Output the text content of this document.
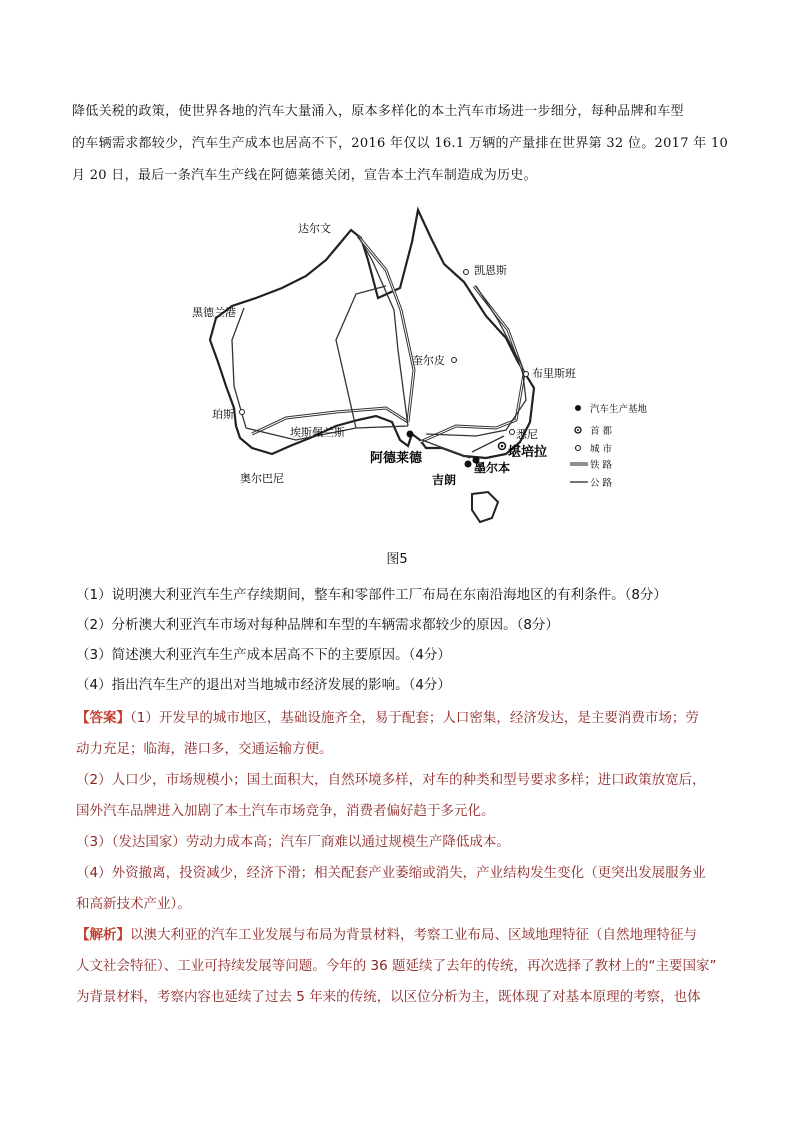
降低关税的政策，使世界各地的汽车大量涌入，原本多样化的本土汽车市场进一步细分，每种品牌和车型

的车辆需求都较少，汽车生产成本也居高不下，2016 年仅以 16.1 万辆的产量排在世界第 32 位。2017 年 10

月 20 日，最后一条汽车生产线在阿德莱德关闭，宣告本土汽车制造成为历史。

达尔文
凯恩斯
黑德兰港
奎尔皮
布里斯班
珀斯
埃斯佩兰斯
奥尔巴尼
阿德莱德
悉尼
堪培拉
墨尔本
吉朗
汽车生产基地
首 都
城 市
铁 路
公 路
图5

（1）说明澳大利亚汽车生产存续期间，整车和零部件工厂布局在东南沿海地区的有利条件。（8分）

（2）分析澳大利亚汽车市场对每种品牌和车型的车辆需求都较少的原因。（8分）

（3）简述澳大利亚汽车生产成本居高不下的主要原因。（4分）

（4）指出汽车生产的退出对当地城市经济发展的影响。（4分）

【答案】（1）开发早的城市地区，基础设施齐全，易于配套；人口密集，经济发达，是主要消费市场；劳

动力充足；临海，港口多，交通运输方便。

（2）人口少，市场规模小；国土面积大，自然环境多样，对车的种类和型号要求多样；进口政策放宽后，

国外汽车品牌进入加剧了本土汽车市场竞争，消费者偏好趋于多元化。

（3）（发达国家）劳动力成本高；汽车厂商难以通过规模生产降低成本。

（4）外资撤离，投资减少，经济下滑；相关配套产业萎缩或消失，产业结构发生变化（更突出发展服务业

和高新技术产业）。

【解析】以澳大利亚的汽车工业发展与布局为背景材料，考察工业布局、区域地理特征（自然地理特征与

人文社会特征）、工业可持续发展等问题。今年的 36 题延续了去年的传统，再次选择了教材上的“主要国家”

为背景材料，考察内容也延续了过去 5 年来的传统，以区位分析为主，既体现了对基本原理的考察，也体
